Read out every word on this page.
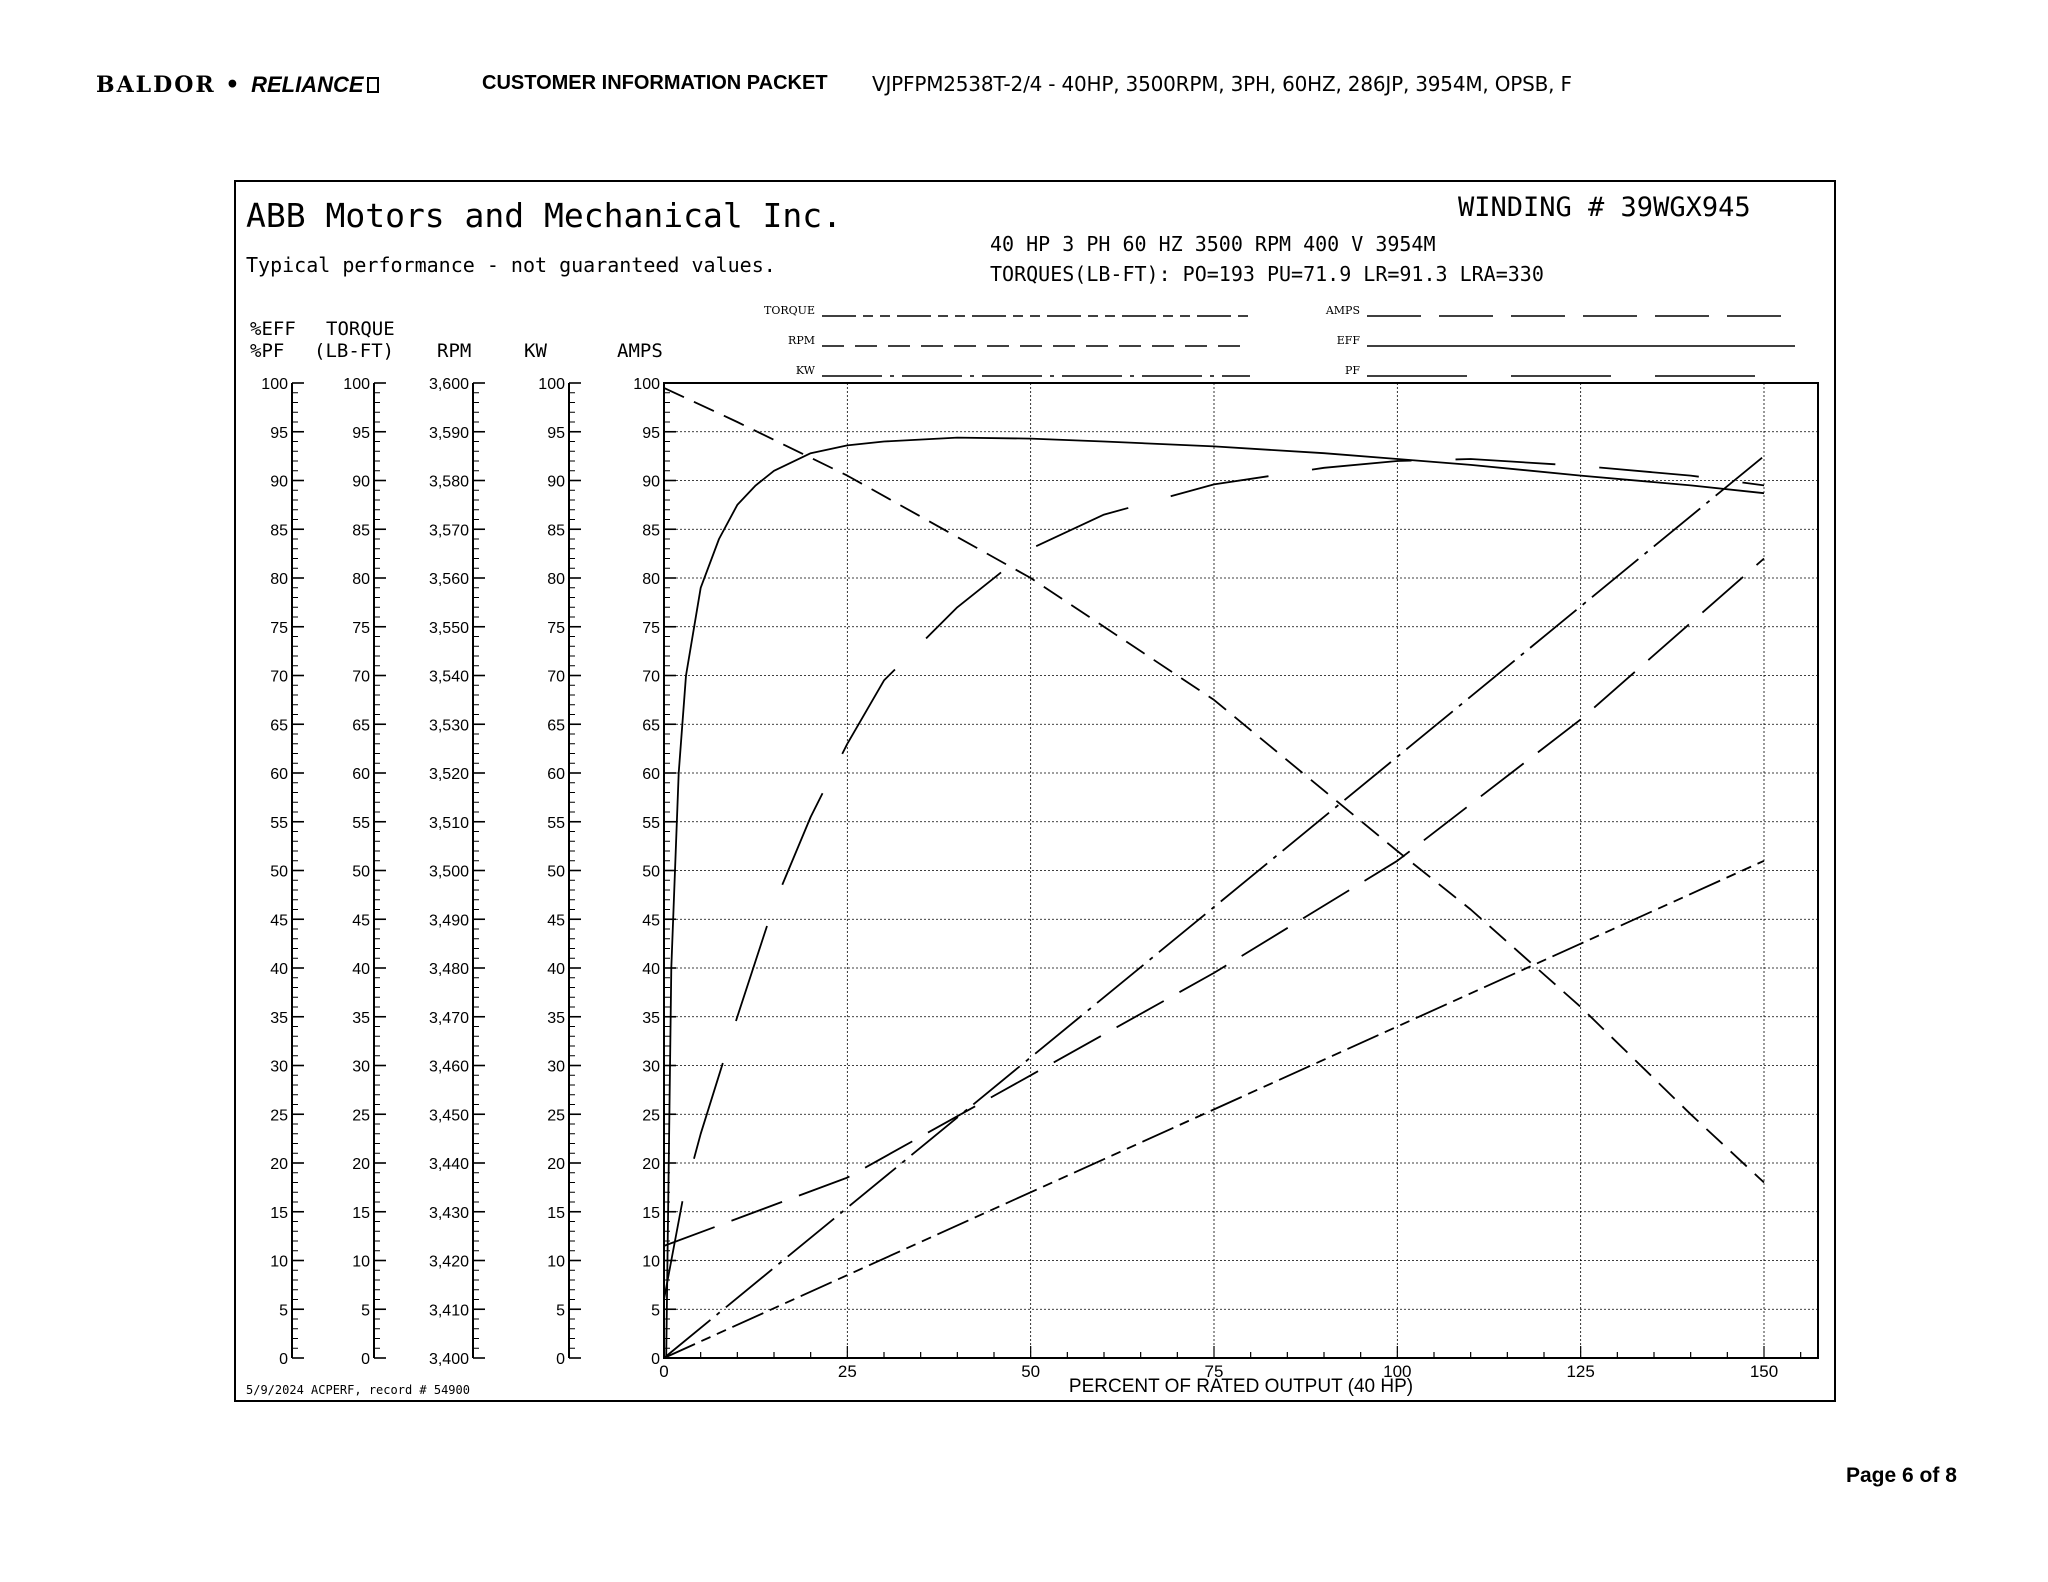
BALDOR • RELIANCE	CUSTOMER INFORMATION PACKET VJPFPM2538T-2/4 - 40HP, 3500RPM, 3PH, 60HZ, 286JP, 3954M, OPSB, F
ABB Motors and Mechanical Inc.
Typical performance - not guaranteed values.
WINDING # 39WGX945
40 HP 3 PH 60 HZ 3500 RPM 400 V 3954M
TORQUES(LB-FT): PO=193 PU=71.9 LR=91.3 LRA=330
%EFF
%PF
TORQUE
(LB-FT) RPM	KW	AMPS
TORQUE
RPM
KW
AMPS
EFF
PF
0
5
10
15
20
25
30
35
40
45
50
55
60
65
70
75
80
85
90
95
100
0
5
10
15
20
25
30
35
40
45
50
55
60
65
70
75
80
85
90
95
100
3,400
3,410
3,420
3,430
3,440
3,450
3,460
3,470
3,480
3,490
3,500
3,510
3,520
3,530
3,540
3,550
3,560
3,570
3,580
3,590
3,600
0
5
10
15
20
25
30
35
40
45
50
55
60
65
70
75
80
85
90
95
100
0
5
10
15
20
25
30
35
40
45
50
55
60
65
70
75
80
85
90
95
100
0	25	50	75	100	125	150
PERCENT OF RATED OUTPUT (40 HP)
5/9/2024 ACPERF, record # 54900
Page 6 of 8
